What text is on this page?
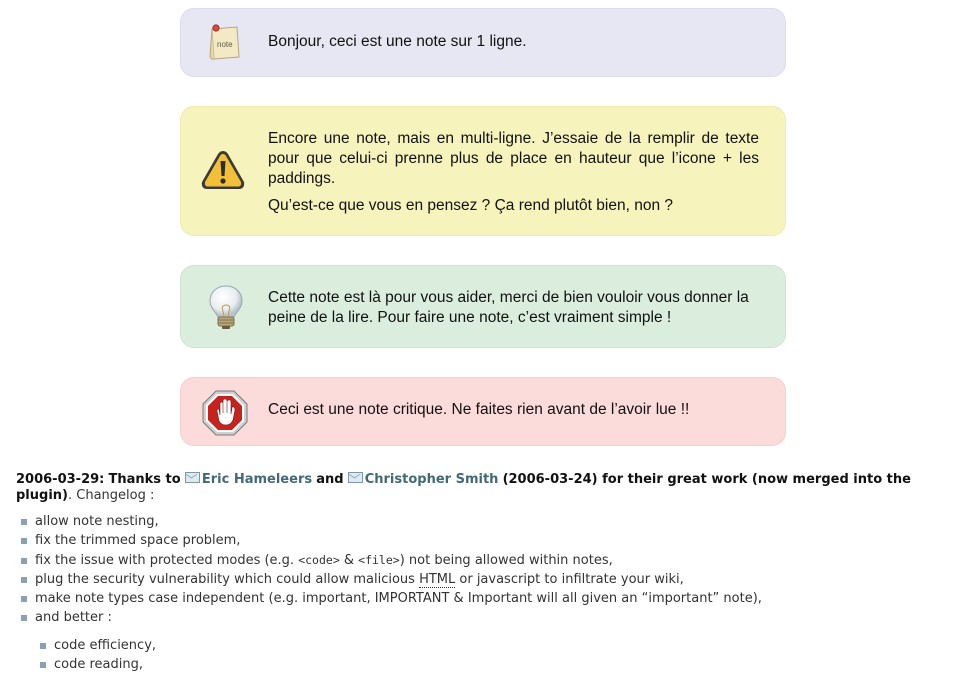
note Bonjour, ceci est une note sur 1 ligne.

Encore une note, mais en multi-ligne. J’essaie de la remplir de texte pour que celui-ci prenne plus de place en hauteur que l’icone + les paddings.

Qu’est-ce que vous en pensez ? Ça rend plutôt bien, non ?

Cette note est là pour vous aider, merci de bien vouloir vous donner la peine de la lire. Pour faire une note, c’est vraiment simple !

Ceci est une note critique. Ne faites rien avant de l’avoir lue !!

2006-03-29: Thanks to Eric Hameleers and Christopher Smith (2006-03-24) for their great work (now merged into the plugin). Changelog :

allow note nesting,
fix the trimmed space problem,
fix the issue with protected modes (e.g. <code> & <file>) not being allowed within notes,
plug the security vulnerability which could allow malicious HTML or javascript to infiltrate your wiki,
make note types case independent (e.g. important, IMPORTANT & Important will all given an “important” note),
and better :
code efficiency,
code reading,
